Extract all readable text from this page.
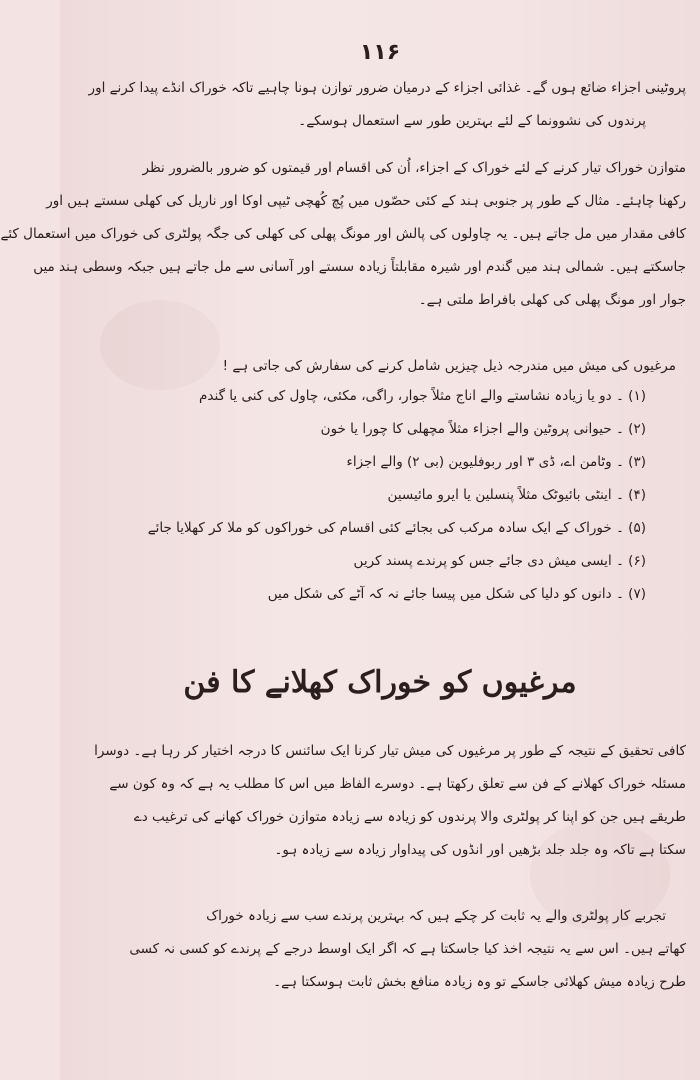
۱۱۶
پروٹینی اجزاء ضائع ہوں گے۔ غذائی اجزاء کے درمیان ضرور توازن ہونا چاہیے تاکہ خوراک انڈے پیدا کرنے اور
پرندوں کی نشوونما کے لئے بہترین طور سے استعمال ہوسکے۔
متوازن خوراک تیار کرنے کے لئے خوراک کے اجزاء، اُن کی اقسام اور قیمتوں کو ضرور بالضرور نظر
رکھنا چاہئے۔ مثال کے طور پر جنوبی ہند کے کئی حصّوں میں پُچ کُھچی ٹیپی اوکا اور ناریل کی کھلی سستے ہیں اور
کافی مقدار میں مل جاتے ہیں۔ یہ چاولوں کی پالش اور مونگ پھلی کی کھلی کی جگہ پولٹری کی خوراک میں استعمال کئے
جاسکتے ہیں۔ شمالی ہند میں گندم اور شیرہ مقابلتاً زیادہ سستے اور آسانی سے مل جاتے ہیں جبکہ وسطی ہند میں
جوار اور مونگ پھلی کی کھلی بافراط ملتی ہے۔
مرغیوں کی میش میں مندرجہ ذیل چیزیں شامل کرنے کی سفارش کی جاتی ہے !
(۱) ۔ دو یا زیادہ نشاستے والے اناج مثلاً جوار، راگی، مکئی، چاول کی کنی یا گندم
(۲) ۔ حیوانی پروٹین والے اجزاء مثلاً مچھلی کا چورا یا خون
(۳) ۔ وٹامن اے، ڈی ۳ اور ربوفلیوین (بی ۲) والے اجزاء
(۴) ۔ اینٹی بائیوٹک مثلاً پنسلین یا ایرو مائیسین
(۵) ۔ خوراک کے ایک سادہ مرکب کی بجائے کئی اقسام کی خوراکوں کو ملا کر کھلایا جائے
(۶) ۔ ایسی میش دی جائے جس کو پرندے پسند کریں
(۷) ۔ دانوں کو دلیا کی شکل میں پیسا جائے نہ کہ آٹے کی شکل میں
مرغیوں کو خوراک کھلانے کا فن
کافی تحقیق کے نتیجہ کے طور پر مرغیوں کی میش تیار کرنا ایک سائنس کا درجہ اختیار کر رہا ہے۔ دوسرا
مسئلہ خوراک کھلانے کے فن سے تعلق رکھتا ہے۔ دوسرے الفاظ میں اس کا مطلب یہ ہے کہ وہ کون سے
طریقے ہیں جن کو اپنا کر پولٹری والا پرندوں کو زیادہ سے زیادہ متوازن خوراک کھانے کی ترغیب دے
سکتا ہے تاکہ وہ جلد جلد بڑھیں اور انڈوں کی پیداوار زیادہ سے زیادہ ہو۔
تجربے کار پولٹری والے یہ ثابت کر چکے ہیں کہ بہترین پرندے سب سے زیادہ خوراک
کھاتے ہیں۔ اس سے یہ نتیجہ اخذ کیا جاسکتا ہے کہ اگر ایک اوسط درجے کے پرندے کو کسی نہ کسی
طرح زیادہ میش کھلائی جاسکے تو وہ زیادہ منافع بخش ثابت ہوسکتا ہے۔
